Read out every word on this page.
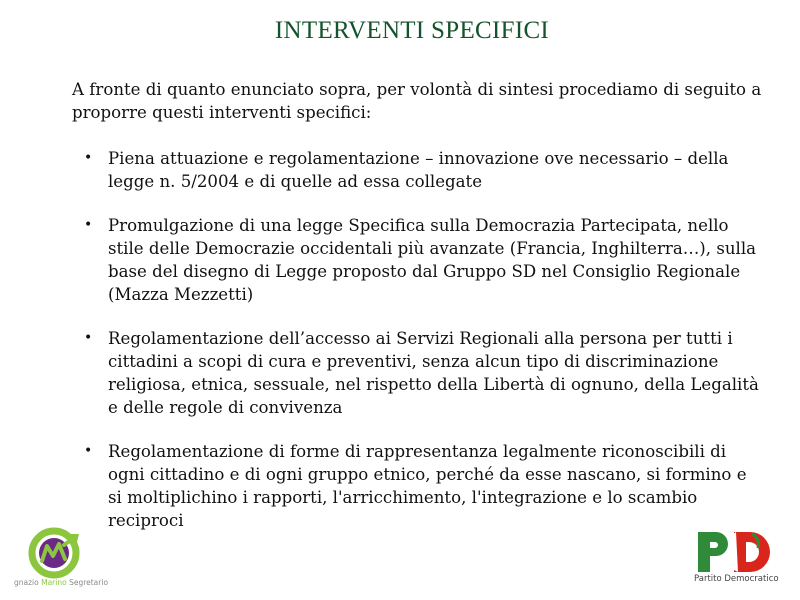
INTERVENTI SPECIFICI
A fronte di quanto enunciato sopra, per volontà di sintesi procediamo di seguito a proporre questi interventi specifici:
• Piena attuazione e regolamentazione – innovazione ove necessario – della legge n. 5/2004 e di quelle ad essa collegate
• Promulgazione di una legge Specifica sulla Democrazia Partecipata, nello stile delle Democrazie occidentali più avanzate (Francia, Inghilterra…), sulla base del disegno di Legge proposto dal Gruppo SD nel Consiglio Regionale (Mazza Mezzetti)
• Regolamentazione dell’accesso ai Servizi Regionali alla persona per tutti i cittadini a scopi di cura e preventivi, senza alcun tipo di discriminazione religiosa, etnica, sessuale, nel rispetto della Libertà di ognuno, della Legalità e delle regole di convivenza
• Regolamentazione di forme di rappresentanza legalmente riconoscibili di ogni cittadino e di ogni gruppo etnico, perché da esse nascano, si formino e si moltiplichino i rapporti, l'arricchimento, l'integrazione e lo scambio reciproci
gnazio Marino Segretario	Partito Democratico
